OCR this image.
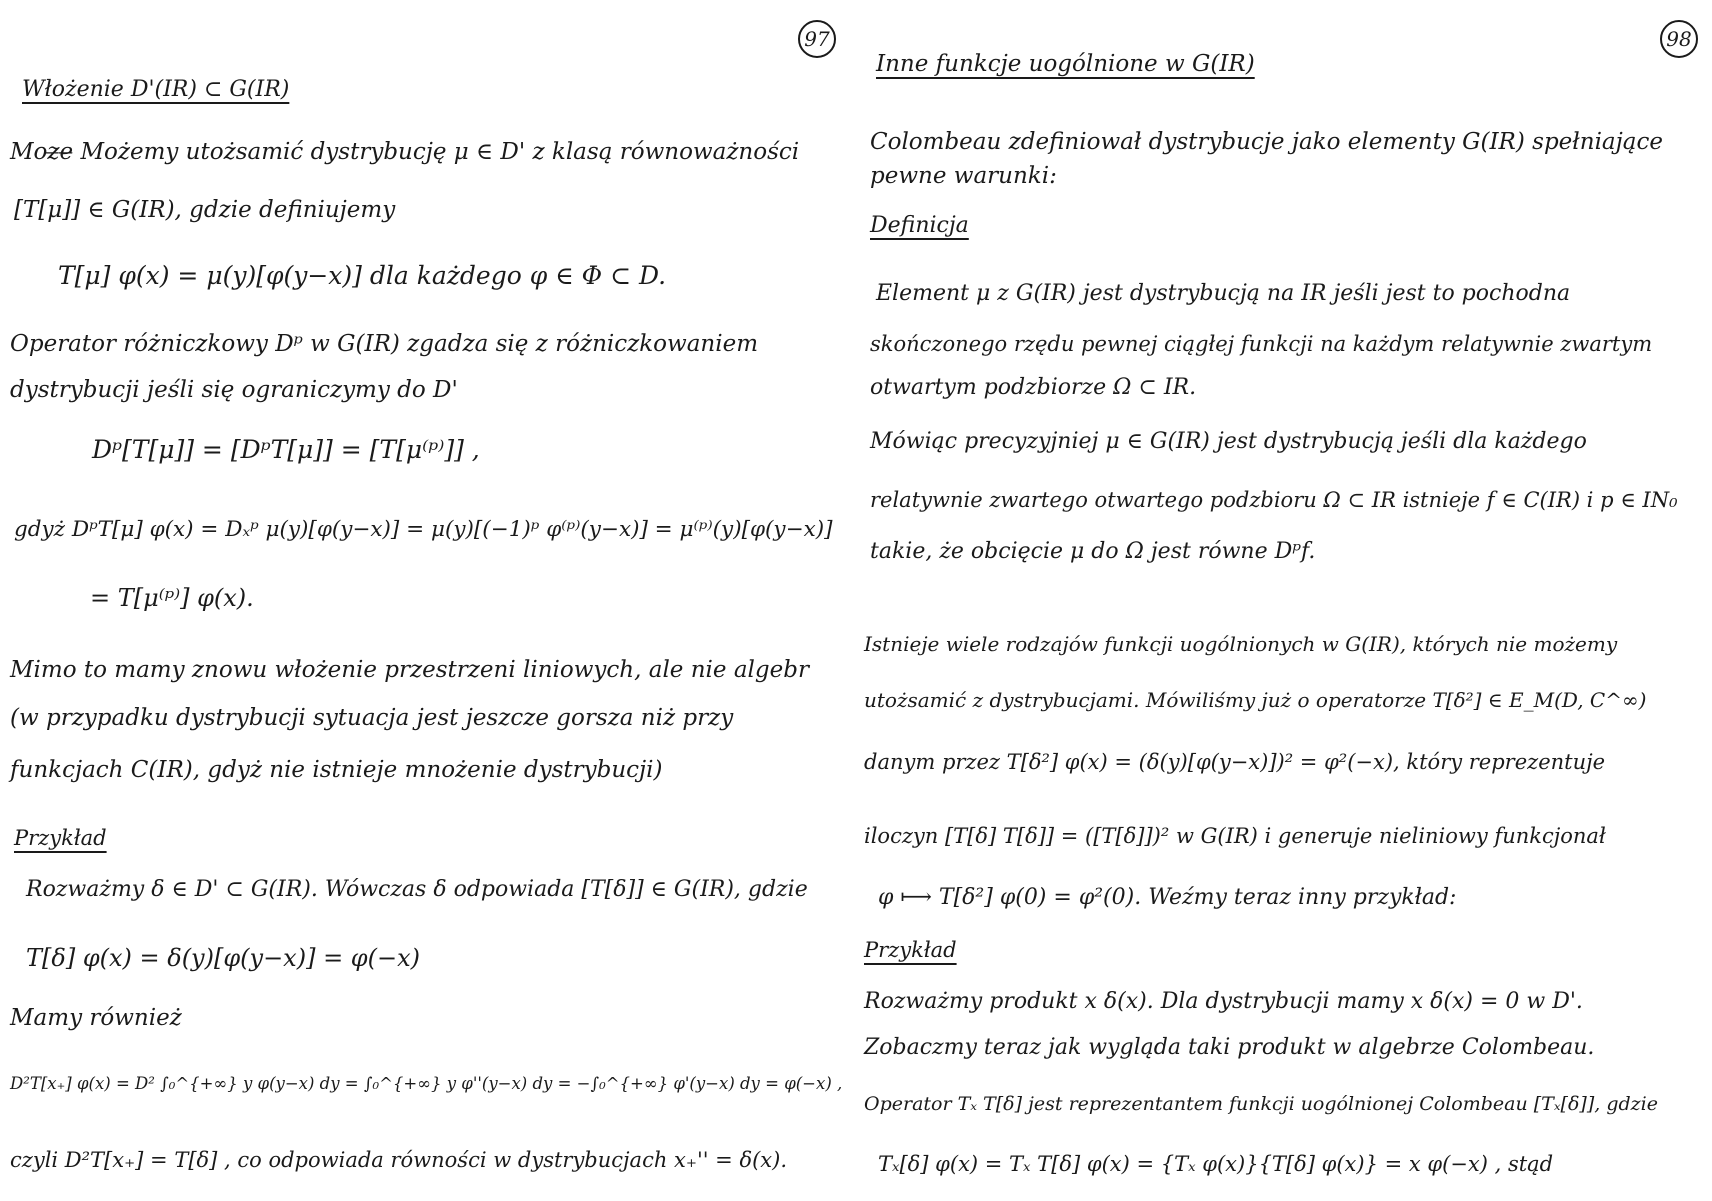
97
Włożenie D'(IR) ⊂ G(IR)
Moz̶e̶ Możemy utożsamić dystrybucję μ ∈ D' z klasą równoważności
[T[μ]] ∈ G(IR), gdzie definiujemy
T[μ] φ(x) = μ(y)[φ(y−x)] dla każdego φ ∈ Φ ⊂ D.
Operator różniczkowy Dᵖ w G(IR) zgadza się z różniczkowaniem
dystrybucji jeśli się ograniczymy do D'
Dᵖ[T[μ]] = [DᵖT[μ]] = [T[μ⁽ᵖ⁾]] ,
gdyż DᵖT[μ] φ(x) = Dₓᵖ μ(y)[φ(y−x)] = μ(y)[(−1)ᵖ φ⁽ᵖ⁾(y−x)] = μ⁽ᵖ⁾(y)[φ(y−x)]
= T[μ⁽ᵖ⁾] φ(x).
Mimo to mamy znowu włożenie przestrzeni liniowych, ale nie algebr
(w przypadku dystrybucji sytuacja jest jeszcze gorsza niż przy
funkcjach C(IR), gdyż nie istnieje mnożenie dystrybucji)
Przykład
Rozważmy δ ∈ D' ⊂ G(IR). Wówczas δ odpowiada [T[δ]] ∈ G(IR), gdzie
T[δ] φ(x) = δ(y)[φ(y−x)] = φ(−x)
Mamy również
D²T[x₊] φ(x) = D² ∫₀^{+∞} y φ(y−x) dy = ∫₀^{+∞} y φ''(y−x) dy = −∫₀^{+∞} φ'(y−x) dy = φ(−x) ,
czyli D²T[x₊] = T[δ] , co odpowiada równości w dystrybucjach x₊'' = δ(x).
98
Inne funkcje uogólnione w G(IR)
Colombeau zdefiniował dystrybucje jako elementy G(IR) spełniające
pewne warunki:
Definicja
Element μ z G(IR) jest dystrybucją na IR jeśli jest to pochodna
skończonego rzędu pewnej ciągłej funkcji na każdym relatywnie zwartym
otwartym podzbiorze Ω ⊂ IR.
Mówiąc precyzyjniej μ ∈ G(IR) jest dystrybucją jeśli dla każdego
relatywnie zwartego otwartego podzbioru Ω ⊂ IR istnieje f ∈ C(IR) i p ∈ IN₀
takie, że obcięcie μ do Ω jest równe Dᵖf.
Istnieje wiele rodzajów funkcji uogólnionych w G(IR), których nie możemy
utożsamić z dystrybucjami. Mówiliśmy już o operatorze T[δ²] ∈ E_M(D, C^∞)
danym przez T[δ²] φ(x) = (δ(y)[φ(y−x)])² = φ²(−x), który reprezentuje
iloczyn [T[δ] T[δ]] = ([T[δ]])² w G(IR) i generuje nieliniowy funkcjonał
φ ⟼ T[δ²] φ(0) = φ²(0). Weźmy teraz inny przykład:
Przykład
Rozważmy produkt x δ(x). Dla dystrybucji mamy x δ(x) = 0 w D'.
Zobaczmy teraz jak wygląda taki produkt w algebrze Colombeau.
Operator Tₓ T[δ] jest reprezentantem funkcji uogólnionej Colombeau [Tₓ[δ]], gdzie
Tₓ[δ] φ(x) = Tₓ T[δ] φ(x) = {Tₓ φ(x)}{T[δ] φ(x)} = x φ(−x) , stąd
